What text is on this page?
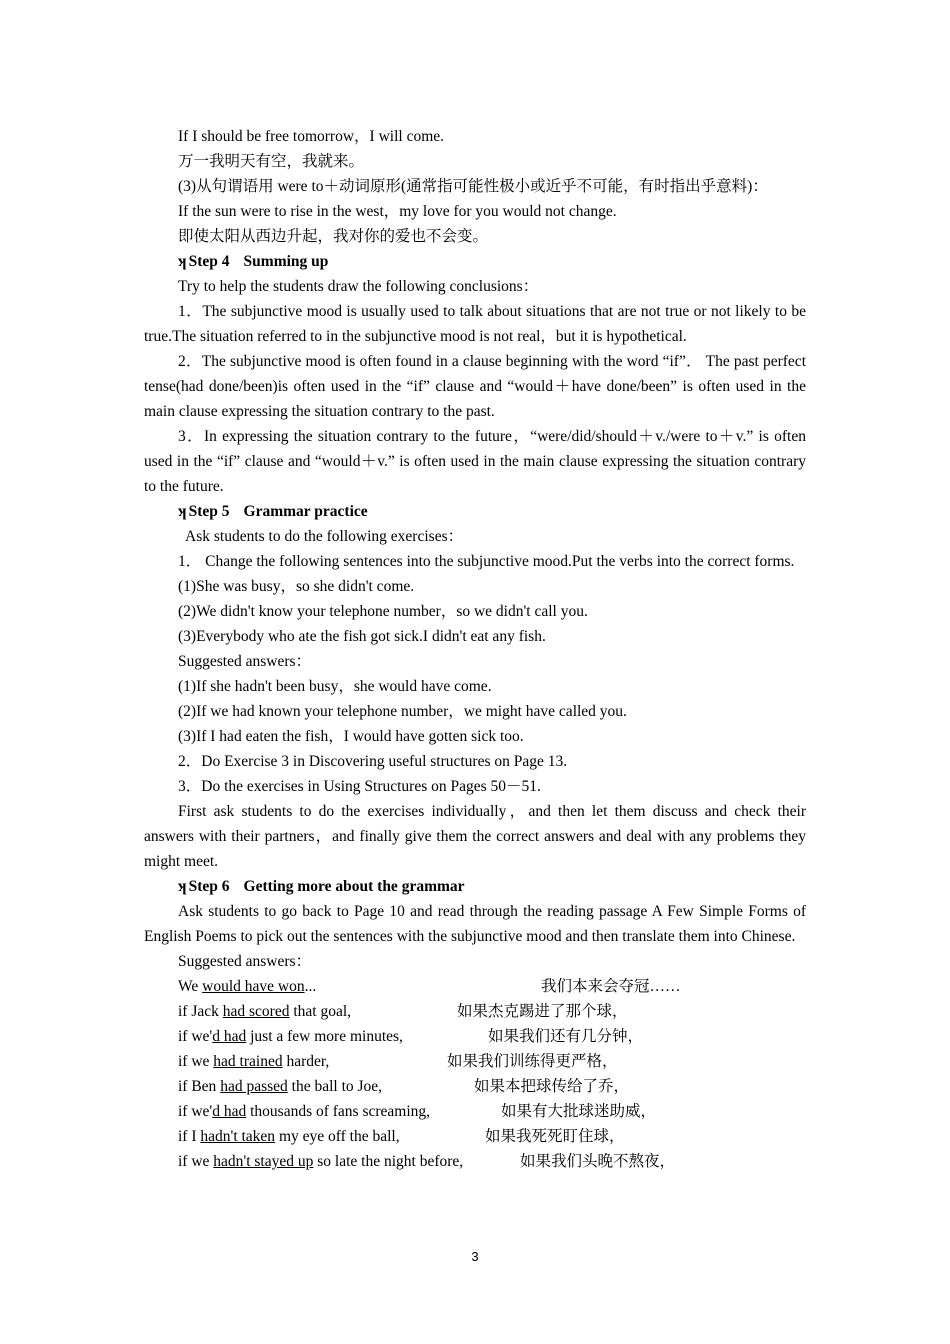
If I should be free tomorrow，I will come.

万一我明天有空，我就来。

(3)从句谓语用 were to＋动词原形(通常指可能性极小或近乎不可能，有时指出乎意料)：

If the sun were to rise in the west，my love for you would not change.

即使太阳从西边升起，我对你的爱也不会变。

ʞ Step 4 Summing up

Try to help the students draw the following conclusions：

1．The subjunctive mood is usually used to talk about situations that are not true or not likely to be true.The situation referred to in the subjunctive mood is not real，but it is hypothetical.

2．The subjunctive mood is often found in a clause beginning with the word “if”． The past perfect tense(had done/been)is often used in the “if” clause and “would＋have done/been” is often used in the main clause expressing the situation contrary to the past.

3．In expressing the situation contrary to the future，“were/did/should＋v./were to＋v.” is often used in the “if” clause and “would＋v.” is often used in the main clause expressing the situation contrary to the future.

ʞ Step 5 Grammar practice

Ask students to do the following exercises：

1． Change the following sentences into the subjunctive mood.Put the verbs into the correct forms.

(1)She was busy，so she didn't come.

(2)We didn't know your telephone number，so we didn't call you.

(3)Everybody who ate the fish got sick.I didn't eat any fish.

Suggested answers：

(1)If she hadn't been busy，she would have come.

(2)If we had known your telephone number，we might have called you.

(3)If I had eaten the fish，I would have gotten sick too.

2．Do Exercise 3 in Discovering useful structures on Page 13.

3．Do the exercises in Using Structures on Pages 50－51.

First ask students to do the exercises individually，and then let them discuss and check their answers with their partners，and finally give them the correct answers and deal with any problems they might meet.

ʞ Step 6 Getting more about the grammar

Ask students to go back to Page 10 and read through the reading passage A Few Simple Forms of English Poems to pick out the sentences with the subjunctive mood and then translate them into Chinese.

Suggested answers：

We would have won...	我们本来会夺冠……
if Jack had scored that goal,	如果杰克踢进了那个球，
if we'd had just a few more minutes,	如果我们还有几分钟，
if we had trained harder,	如果我们训练得更严格，
if Ben had passed the ball to Joe,	如果本把球传给了乔，
if we'd had thousands of fans screaming,	如果有大批球迷助威，
if I hadn't taken my eye off the ball,	如果我死死盯住球，
if we hadn't stayed up so late the night before,	如果我们头晚不熬夜，
3
